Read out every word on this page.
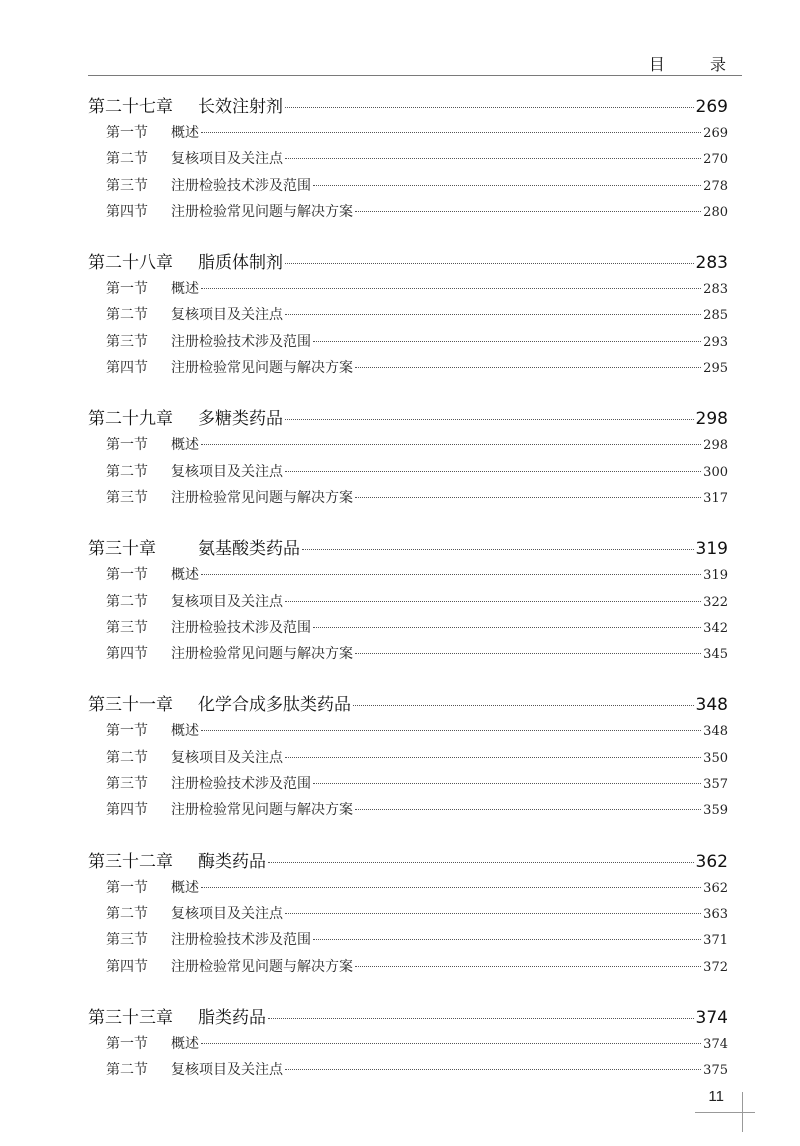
目 录
第二十七章	长效注射剂	269
第一节	概述	269
第二节	复核项目及关注点	270
第三节	注册检验技术涉及范围	278
第四节	注册检验常见问题与解决方案	280
第二十八章	脂质体制剂	283
第一节	概述	283
第二节	复核项目及关注点	285
第三节	注册检验技术涉及范围	293
第四节	注册检验常见问题与解决方案	295
第二十九章	多糖类药品	298
第一节	概述	298
第二节	复核项目及关注点	300
第三节	注册检验常见问题与解决方案	317
第三十章	氨基酸类药品	319
第一节	概述	319
第二节	复核项目及关注点	322
第三节	注册检验技术涉及范围	342
第四节	注册检验常见问题与解决方案	345
第三十一章	化学合成多肽类药品	348
第一节	概述	348
第二节	复核项目及关注点	350
第三节	注册检验技术涉及范围	357
第四节	注册检验常见问题与解决方案	359
第三十二章	酶类药品	362
第一节	概述	362
第二节	复核项目及关注点	363
第三节	注册检验技术涉及范围	371
第四节	注册检验常见问题与解决方案	372
第三十三章	脂类药品	374
第一节	概述	374
第二节	复核项目及关注点	375
11
